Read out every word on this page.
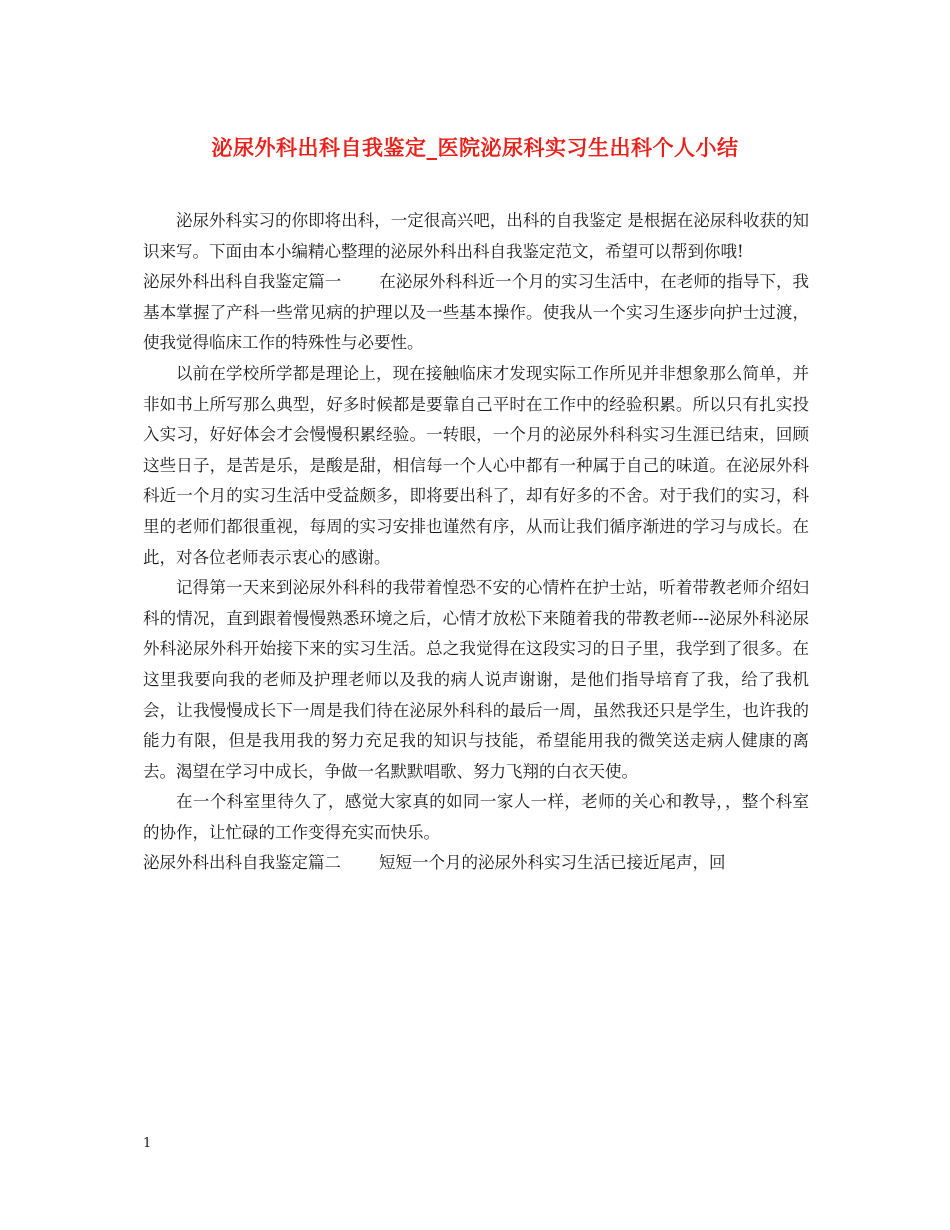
泌尿外科出科自我鉴定_医院泌尿科实习生出科个人小结

泌尿外科实习的你即将出科，一定很高兴吧，出科的自我鉴定 是根据在泌尿科收获的知识来写。下面由本小编精心整理的泌尿外科出科自我鉴定范文，希望可以帮到你哦!

泌尿外科出科自我鉴定篇一 在泌尿外科科近一个月的实习生活中，在老师的指导下，我基本掌握了产科一些常见病的护理以及一些基本操作。使我从一个实习生逐步向护士过渡，使我觉得临床工作的特殊性与必要性。

以前在学校所学都是理论上，现在接触临床才发现实际工作所见并非想象那么简单，并非如书上所写那么典型，好多时候都是要靠自己平时在工作中的经验积累。所以只有扎实投入实习，好好体会才会慢慢积累经验。一转眼，一个月的泌尿外科科实习生涯已结束，回顾这些日子，是苦是乐，是酸是甜，相信每一个人心中都有一种属于自己的味道。在泌尿外科科近一个月的实习生活中受益颇多，即将要出科了，却有好多的不舍。对于我们的实习，科里的老师们都很重视，每周的实习安排也谨然有序，从而让我们循序渐进的学习与成长。在此，对各位老师表示衷心的感谢。

记得第一天来到泌尿外科科的我带着惶恐不安的心情杵在护士站，听着带教老师介绍妇科的情况，直到跟着慢慢熟悉环境之后，心情才放松下来随着我的带教老师---泌尿外科泌尿外科泌尿外科开始接下来的实习生活。总之我觉得在这段实习的日子里，我学到了很多。在这里我要向我的老师及护理老师以及我的病人说声谢谢，是他们指导培育了我，给了我机会，让我慢慢成长下一周是我们待在泌尿外科科的最后一周，虽然我还只是学生，也许我的能力有限，但是我用我的努力充足我的知识与技能，希望能用我的微笑送走病人健康的离去。渴望在学习中成长，争做一名默默唱歌、努力飞翔的白衣天使。

在一个科室里待久了，感觉大家真的如同一家人一样，老师的关心和教导，，整个科室的协作，让忙碌的工作变得充实而快乐。

泌尿外科出科自我鉴定篇二 短短一个月的泌尿外科实习生活已接近尾声，回

1
